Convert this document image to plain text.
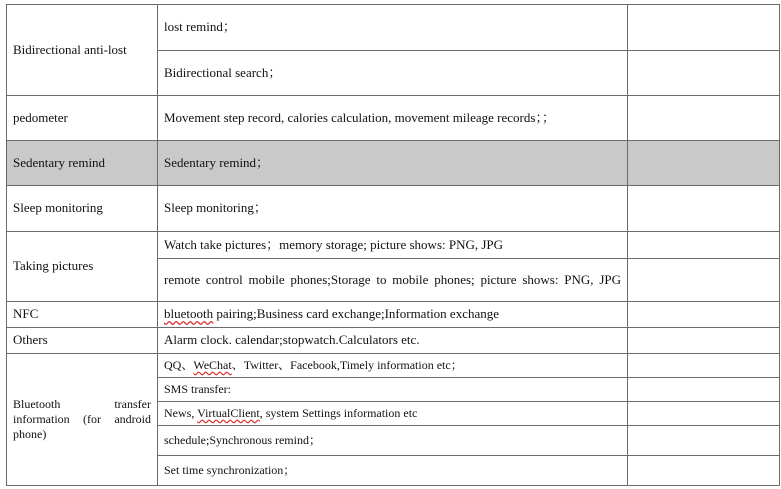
Bidirectional anti-lost	lost remind；	
	Bidirectional search；	
pedometer	Movement step record, calories calculation, movement mileage records；；	
Sedentary remind	Sedentary remind；	
Sleep monitoring	Sleep monitoring；	
Taking pictures	Watch take pictures；memory storage; picture shows: PNG, JPG	
	remote control mobile phones;Storage to mobile phones; picture shows: PNG, JPG	
NFC	bluetooth pairing;Business card exchange;Information exchange	
Others	Alarm clock. calendar;stopwatch.Calculators etc.	
Bluetooth transfer information (for android phone)	QQ、WeChat、Twitter、Facebook,Timely information etc；	
	SMS transfer:	
	News, VirtualClient, system Settings information etc	
	schedule;Synchronous remind；	
	Set time synchronization；	
